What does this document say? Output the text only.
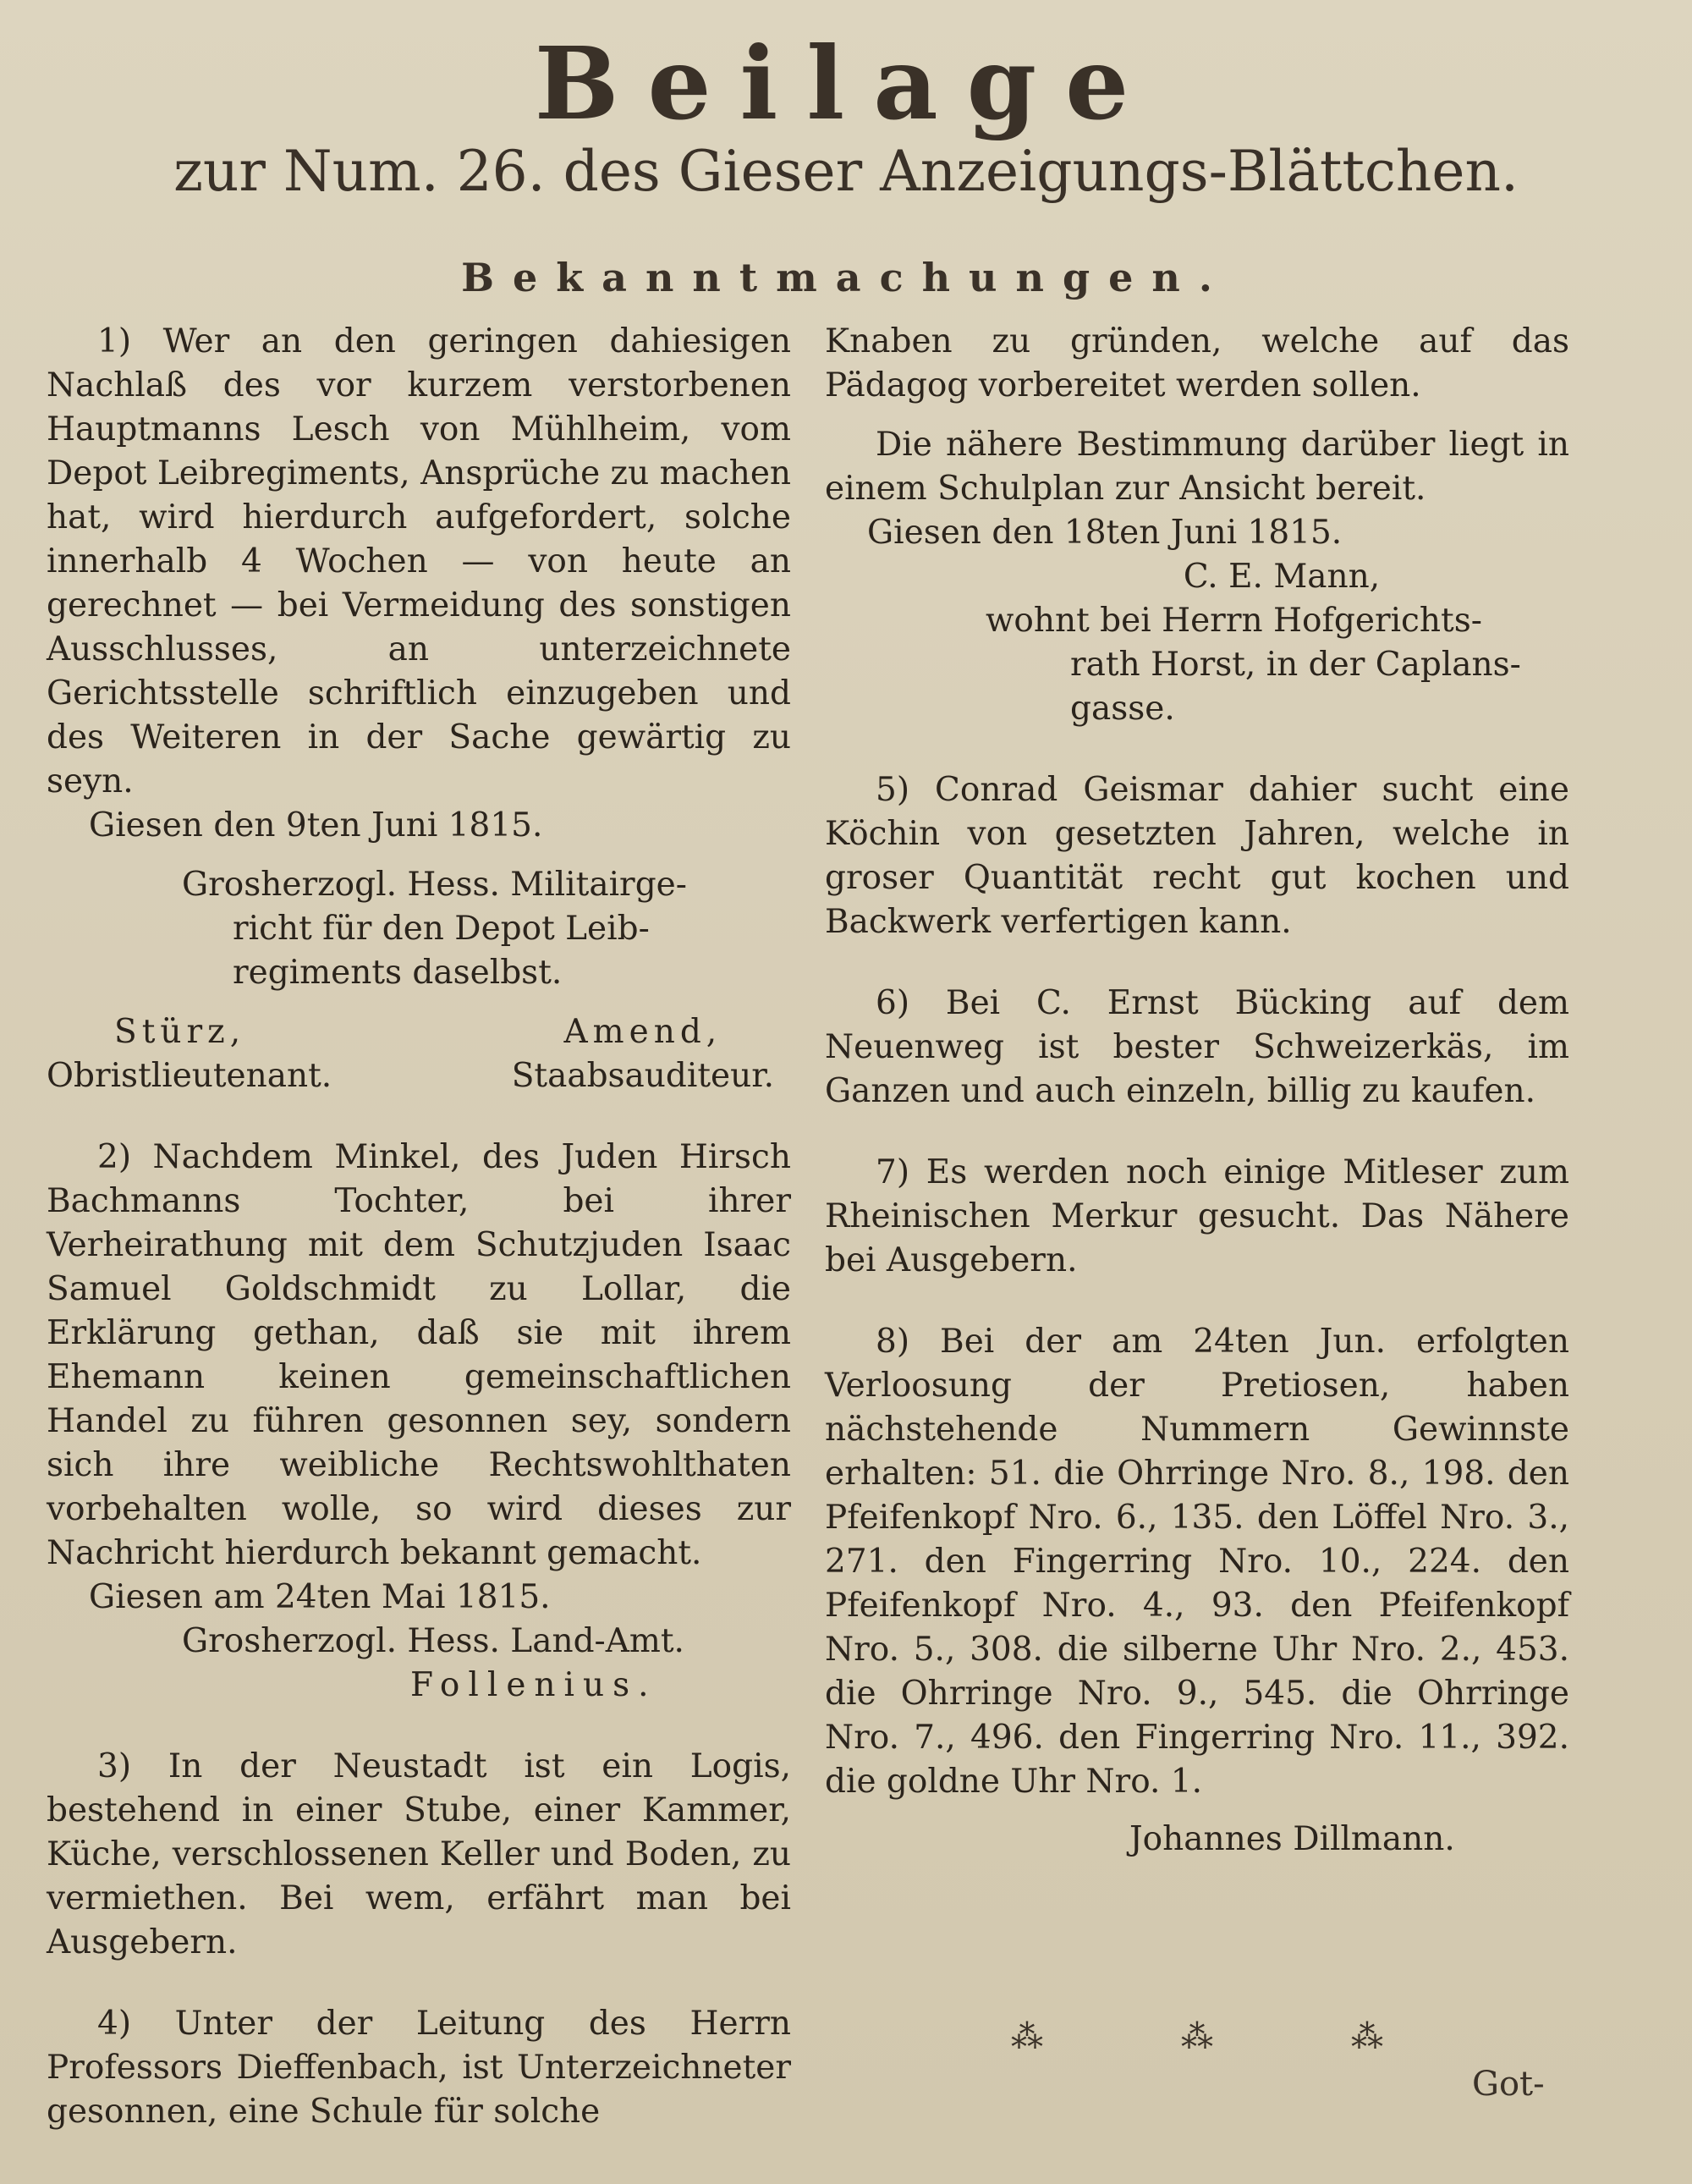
Beilage
zur Num. 26. des Gieser Anzeigungs-Blättchen.
Bekanntmachungen.

1) Wer an den geringen dahiesigen Nachlaß des vor kurzem verstorbenen Hauptmanns Lesch von Mühlheim, vom Depot Leibregiments, Ansprüche zu machen hat, wird hierdurch aufgefordert, solche innerhalb 4 Wochen — von heute an gerechnet — bei Vermeidung des sonstigen Ausschlusses, an unterzeichnete Gerichtsstelle schriftlich einzugeben und des Weiteren in der Sache gewärtig zu seyn.

Giesen den 9ten Juni 1815.
Grosherzogl. Hess. Militairge-
richt für den Depot Leib-
regiments daselbst.
Stürz,
Obristlieutenant.
Amend,
Staabsauditeur.

2) Nachdem Minkel, des Juden Hirsch Bachmanns Tochter, bei ihrer Verheirathung mit dem Schutzjuden Isaac Samuel Goldschmidt zu Lollar, die Erklärung gethan, daß sie mit ihrem Ehemann keinen gemeinschaftlichen Handel zu führen gesonnen sey, sondern sich ihre weibliche Rechtswohlthaten vorbehalten wolle, so wird dieses zur Nachricht hierdurch bekannt gemacht.

Giesen am 24ten Mai 1815.
Grosherzogl. Hess. Land-Amt.
Follenius.

3) In der Neustadt ist ein Logis, bestehend in einer Stube, einer Kammer, Küche, verschlossenen Keller und Boden, zu vermiethen. Bei wem, erfährt man bei Ausgebern.

4) Unter der Leitung des Herrn Professors Dieffenbach, ist Unterzeichneter gesonnen, eine Schule für solche

Knaben zu gründen, welche auf das Pädagog vorbereitet werden sollen.

Die nähere Bestimmung darüber liegt in einem Schulplan zur Ansicht bereit.

Giesen den 18ten Juni 1815.
C. E. Mann,
wohnt bei Herrn Hofgerichts-
rath Horst, in der Caplans-
gasse.

5) Conrad Geismar dahier sucht eine Köchin von gesetzten Jahren, welche in groser Quantität recht gut kochen und Backwerk verfertigen kann.

6) Bei C. Ernst Bücking auf dem Neuenweg ist bester Schweizerkäs, im Ganzen und auch einzeln, billig zu kaufen.

7) Es werden noch einige Mitleser zum Rheinischen Merkur gesucht. Das Nähere bei Ausgebern.

8) Bei der am 24ten Jun. erfolgten Verloosung der Pretiosen, haben nächstehende Nummern Gewinnste erhalten: 51. die Ohrringe Nro. 8., 198. den Pfeifenkopf Nro. 6., 135. den Löffel Nro. 3., 271. den Fingerring Nro. 10., 224. den Pfeifenkopf Nro. 4., 93. den Pfeifenkopf Nro. 5., 308. die silberne Uhr Nro. 2., 453. die Ohrringe Nro. 9., 545. die Ohrringe Nro. 7., 496. den Fingerring Nro. 11., 392. die goldne Uhr Nro. 1.

Johannes Dillmann.
⁂	⁂	⁂
Got-
